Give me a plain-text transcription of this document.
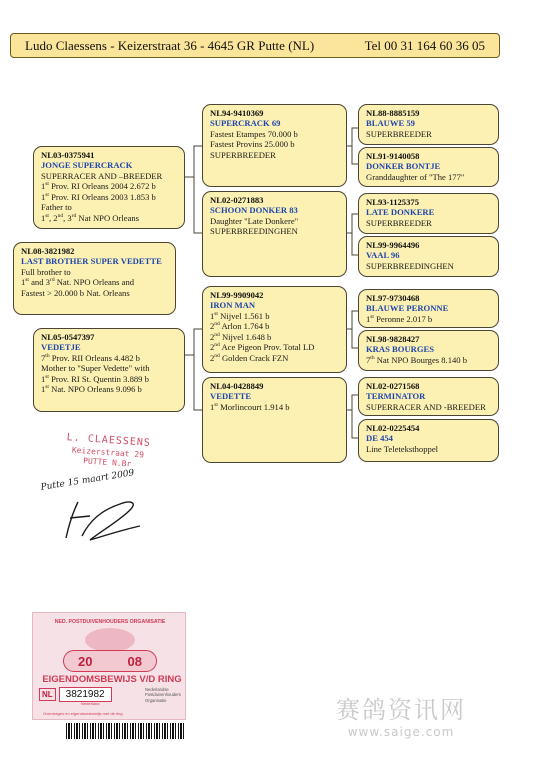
Ludo Claessens - Keizerstraat 36 - 4645 GR Putte (NL)	Tel 00 31 164 60 36 05
NL08-3821982
LAST BROTHER SUPER VEDETTE
Full brother to
1st and 3rd Nat. NPO Orleans and
Fastest > 20.000 b Nat. Orleans
NL03-0375941
JONGE SUPERCRACK
SUPERRACER AND –BREEDER
1st Prov. RI Orleans 2004 2.672 b
1st Prov. RI Orleans 2003 1.853 b
Father to
1st, 2nd, 3rd Nat NPO Orleans
NL05-0547397
VEDETJE
7th Prov. RII Orleans 4.482 b
Mother to "Super Vedette" with
1st Prov. RI St. Quentin 3.889 b
1st Nat. NPO Orleans 9.096 b
NL94-9410369
SUPERCRACK 69
Fastest Etampes 70.000 b
Fastest Provins 25.000 b
SUPERBREEDER
NL02-0271883
SCHOON DONKER 83
Daughter "Late Donkere"
SUPERBREEDINGHEN
NL99-9909042
IRON MAN
1st Nijvel 1.561 b
2nd Arlon 1.764 b
2nd Nijvel 1.648 b
2nd Ace Pigeon Prov. Total LD
2nd Golden Crack FZN
NL04-0428849
VEDETTE
1st Morlincourt 1.914 b
NL88-8885159
BLAUWE 59
SUPERBREEDER
NL91-9140058
DONKER BONTJE
Granddaughter of "The 177"
NL93-1125375
LATE DONKERE
SUPERBREEDER
NL99-9964496
VAAL 96
SUPERBREEDINGHEN
NL97-9730468
BLAUWE PERONNE
1st Peronne 2.017 b
NL98-9828427
KRAS BOURGES
7th Nat NPO Bourges 8.140 b
NL02-0271568
TERMINATOR
SUPERRACER AND -BREEDER
NL02-0225454
DE 454
Line Teleteksthoppel
L. CLAESSENS
Keizerstraat 29
PUTTE N.Br
Putte 15 maart 2009
NED. POSTDUIVENHOUDERS ORGANISATIE
20	08
EIGENDOMSBEWIJS V/D RING
NL	3821982	Nederlandse
Postduivenhouders
Organisatie
Nederland
Overdragen en eigendomsbewijs met de ring	赛鸽资讯网
www.saige.com
